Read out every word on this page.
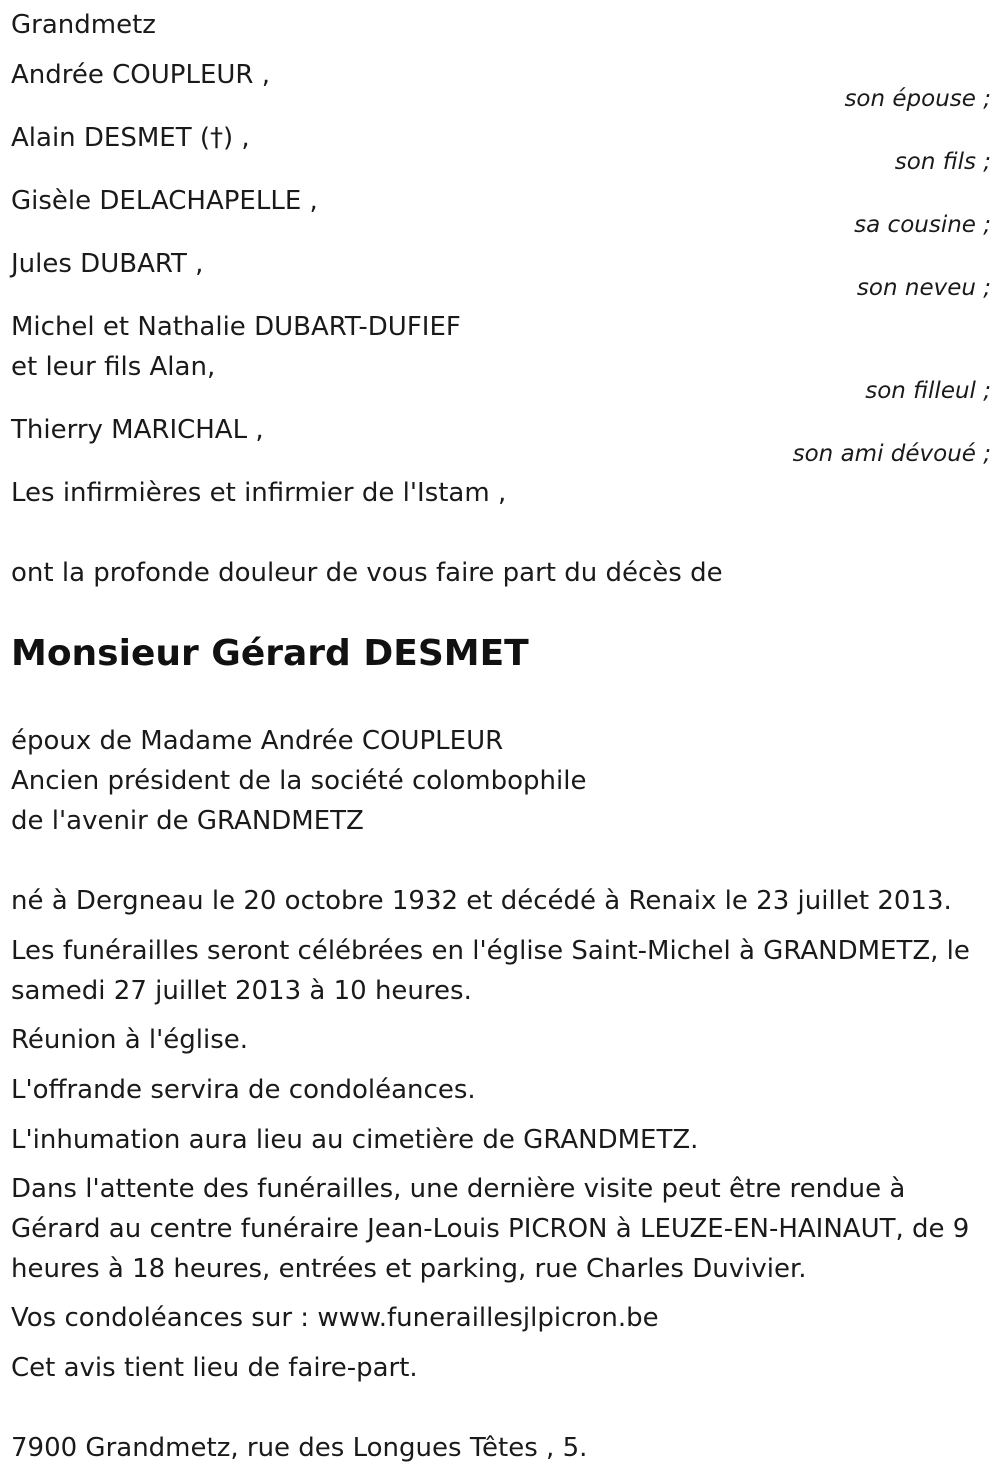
Grandmetz
Andrée COUPLEUR ,
son épouse ;
Alain DESMET (†) ,
son fils ;
Gisèle DELACHAPELLE ,
sa cousine ;
Jules DUBART ,
son neveu ;
Michel et Nathalie DUBART-DUFIEF
et leur fils Alan,
son filleul ;
Thierry MARICHAL ,
son ami dévoué ;
Les infirmières et infirmier de l'Istam ,
ont la profonde douleur de vous faire part du décès de
Monsieur Gérard DESMET
époux de Madame Andrée COUPLEUR
Ancien président de la société colombophile
de l'avenir de GRANDMETZ
né à Dergneau le 20 octobre 1932 et décédé à Renaix le 23 juillet 2013.
Les funérailles seront célébrées en l'église Saint-Michel à GRANDMETZ, le samedi 27 juillet 2013 à 10 heures.
Réunion à l'église.
L'offrande servira de condoléances.
L'inhumation aura lieu au cimetière de GRANDMETZ.
Dans l'attente des funérailles, une dernière visite peut être rendue à Gérard au centre funéraire Jean-Louis PICRON à LEUZE-EN-HAINAUT, de 9 heures à 18 heures, entrées et parking, rue Charles Duvivier.
Vos condoléances sur : www.funeraillesjlpicron.be
Cet avis tient lieu de faire-part.
7900 Grandmetz, rue des Longues Têtes , 5.
